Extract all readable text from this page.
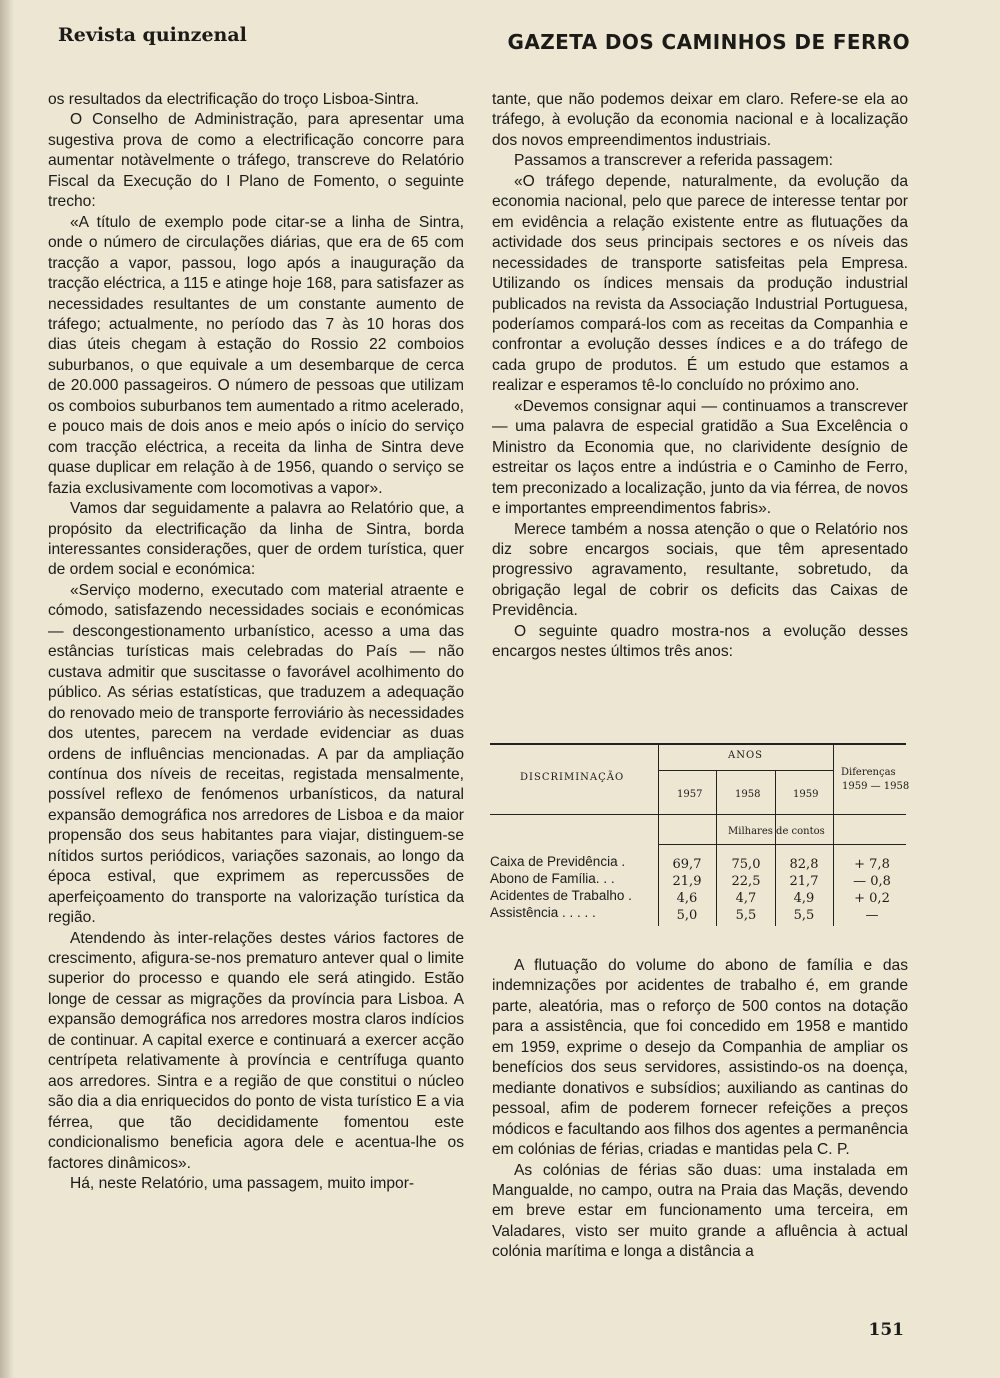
Revista quinzenal	GAZETA DOS CAMINHOS DE FERRO

os resultados da electrificação do troço Lisboa-Sintra.

O Conselho de Administração, para apresentar uma sugestiva prova de como a electrificação concorre para aumentar notàvelmente o tráfego, transcreve do Relatório Fiscal da Execução do I Plano de Fomento, o seguinte trecho:

«A título de exemplo pode citar-se a linha de Sintra, onde o número de circulações diárias, que era de 65 com tracção a vapor, passou, logo após a inauguração da tracção eléctrica, a 115 e atinge hoje 168, para satisfazer as necessidades resultantes de um constante aumento de tráfego; actualmente, no período das 7 às 10 horas dos dias úteis chegam à estação do Rossio 22 comboios suburbanos, o que equivale a um desembarque de cerca de 20.000 passageiros. O número de pessoas que utilizam os comboios suburbanos tem aumentado a ritmo acelerado, e pouco mais de dois anos e meio após o início do serviço com tracção eléctrica, a receita da linha de Sintra deve quase duplicar em relação à de 1956, quando o serviço se fazia exclusivamente com locomotivas a vapor».

Vamos dar seguidamente a palavra ao Relatório que, a propósito da electrificação da linha de Sintra, borda interessantes considerações, quer de ordem turística, quer de ordem social e económica:

«Serviço moderno, executado com material atraente e cómodo, satisfazendo necessidades sociais e económicas — descongestionamento urbanístico, acesso a uma das estâncias turísticas mais celebradas do País — não custava admitir que suscitasse o favorável acolhimento do público. As sérias estatísticas, que traduzem a adequação do renovado meio de transporte ferroviário às necessidades dos utentes, parecem na verdade evidenciar as duas ordens de influências mencionadas. A par da ampliação contínua dos níveis de receitas, registada mensalmente, possível reflexo de fenómenos urbanísticos, da natural expansão demográfica nos arredores de Lisboa e da maior propensão dos seus habitantes para viajar, distinguem-se nítidos surtos periódicos, variações sazonais, ao longo da época estival, que exprimem as repercussões de aperfeiçoamento do transporte na valorização turística da região.

Atendendo às inter-relações destes vários factores de crescimento, afigura-se-nos prematuro antever qual o limite superior do processo e quando ele será atingido. Estão longe de cessar as migrações da província para Lisboa. A expansão demográfica nos arredores mostra claros indícios de continuar. A capital exerce e continuará a exercer acção centrípeta relativamente à província e centrífuga quanto aos arredores. Sintra e a região de que constitui o núcleo são dia a dia enriquecidos do ponto de vista turístico E a via férrea, que tão decididamente fomentou este condicionalismo beneficia agora dele e acentua-lhe os factores dinâmicos».

Há, neste Relatório, uma passagem, muito impor-

tante, que não podemos deixar em claro. Refere-se ela ao tráfego, à evolução da economia nacional e à localização dos novos empreendimentos industriais.

Passamos a transcrever a referida passagem:

«O tráfego depende, naturalmente, da evolução da economia nacional, pelo que parece de interesse tentar por em evidência a relação existente entre as flutuações da actividade dos seus principais sectores e os níveis das necessidades de transporte satisfeitas pela Empresa. Utilizando os índices mensais da produção industrial publicados na revista da Associação Industrial Portuguesa, poderíamos compará-los com as receitas da Companhia e confrontar a evolução desses índices e a do tráfego de cada grupo de produtos. É um estudo que estamos a realizar e esperamos tê-lo concluído no próximo ano.

«Devemos consignar aqui — continuamos a transcrever — uma palavra de especial gratidão a Sua Excelência o Ministro da Economia que, no clarividente desígnio de estreitar os laços entre a indústria e o Caminho de Ferro, tem preconizado a localização, junto da via férrea, de novos e importantes empreendimentos fabris».

Merece também a nossa atenção o que o Relatório nos diz sobre encargos sociais, que têm apresentado progressivo agravamento, resultante, sobretudo, da obrigação legal de cobrir os deficits das Caixas de Previdência.

O seguinte quadro mostra-nos a evolução desses encargos nestes últimos três anos:

DISCRIMINAÇÃO
ANOS
1957	1958	1959
Diferenças
1959 — 1958
Milhares de contos
Caixa de Previdência .	69,7	75,0	82,8	+ 7,8
Abono de Família. . .	21,9	22,5	21,7	— 0,8
Acidentes de Trabalho .	4,6	4,7	4,9	+ 0,2
Assistência . . . . .	5,0	5,5	5,5	—

A flutuação do volume do abono de família e das indemnizações por acidentes de trabalho é, em grande parte, aleatória, mas o reforço de 500 contos na dotação para a assistência, que foi concedido em 1958 e mantido em 1959, exprime o desejo da Companhia de ampliar os benefícios dos seus servidores, assistindo-os na doença, mediante donativos e subsídios; auxiliando as cantinas do pessoal, afim de poderem fornecer refeições a preços módicos e facultando aos filhos dos agentes a permanência em colónias de férias, criadas e mantidas pela C. P.

As colónias de férias são duas: uma instalada em Mangualde, no campo, outra na Praia das Maçãs, devendo em breve estar em funcionamento uma terceira, em Valadares, visto ser muito grande a afluência à actual colónia marítima e longa a distância a

151
